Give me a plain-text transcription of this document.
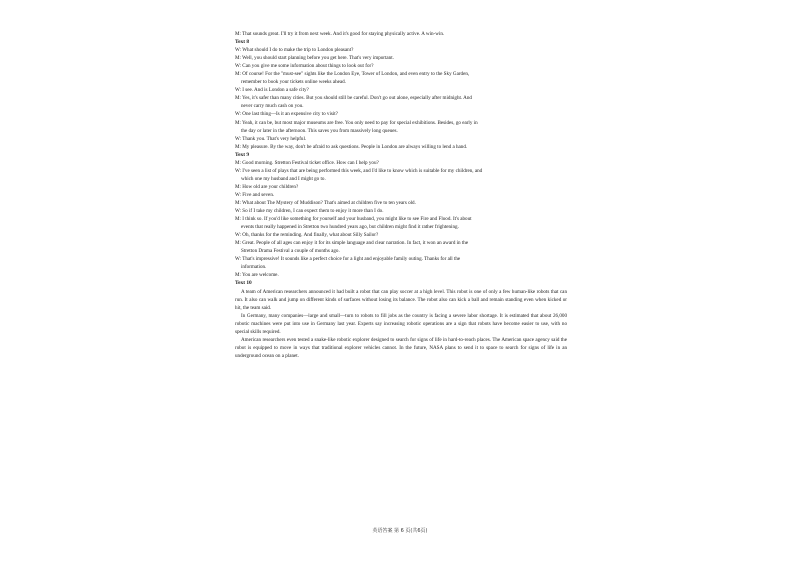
M: That sounds great. I'll try it from next week. And it's good for staying physically active. A win-win.
Text 8
W: What should I do to make the trip to London pleasant?
M: Well, you should start planning before you get here. That's very important.
W: Can you give me some information about things to look out for?
M: Of course! For the "must-see" sights like the London Eye, Tower of London, and even entry to the Sky Garden,
remember to book your tickets online weeks ahead.
W: I see. And is London a safe city?
M: Yes, it's safer than many cities. But you should still be careful. Don't go out alone, especially after midnight. And
never carry much cash on you.
W: One last thing—Is it an expensive city to visit?
M: Yeah, it can be, but most major museums are free. You only need to pay for special exhibitions. Besides, go early in
the day or later in the afternoon. This saves you from massively long queues.
W: Thank you. That's very helpful.
M: My pleasure. By the way, don't be afraid to ask questions. People in London are always willing to lend a hand.
Text 9
M: Good morning. Stretton Festival ticket office. How can I help you?
W: I've seen a list of plays that are being performed this week, and I'd like to know which is suitable for my children, and
which one my husband and I might go to.
M: How old are your children?
W: Five and seven.
M: What about The Mystery of Muddison? That's aimed at children five to ten years old.
W: So if I take my children, I can expect them to enjoy it more than I do.
M: I think so. If you'd like something for yourself and your husband, you might like to see Fire and Flood. It's about
events that really happened in Stretton two hundred years ago, but children might find it rather frightening.
W: Oh, thanks for the reminding. And finally, what about Silly Sailor?
M: Great. People of all ages can enjoy it for its simple language and clear narration. In fact, it won an award in the
Stretton Drama Festival a couple of months ago.
W: That's impressive! It sounds like a perfect choice for a light and enjoyable family outing. Thanks for all the
information.
M: You are welcome.
Text 10
A team of American researchers announced it had built a robot that can play soccer at a high level. This robot is one of only a few human-like robots that can run. It also can walk and jump on different kinds of surfaces without losing its balance. The robot also can kick a ball and remain standing even when kicked or hit, the team said.
In Germany, many companies—large and small—turn to robots to fill jobs as the country is facing a severe labor shortage. It is estimated that about 26,000 robotic machines were put into use in Germany last year. Experts say increasing robotic operations are a sign that robots have become easier to use, with no special skills required.
American researchers even tested a snake-like robotic explorer designed to search for signs of life in hard-to-reach places. The American space agency said the robot is equipped to move in ways that traditional explorer vehicles cannot. In the future, NASA plans to send it to space to search for signs of life in an underground ocean on a planet.
英语答案 第 6 页(共6页)
